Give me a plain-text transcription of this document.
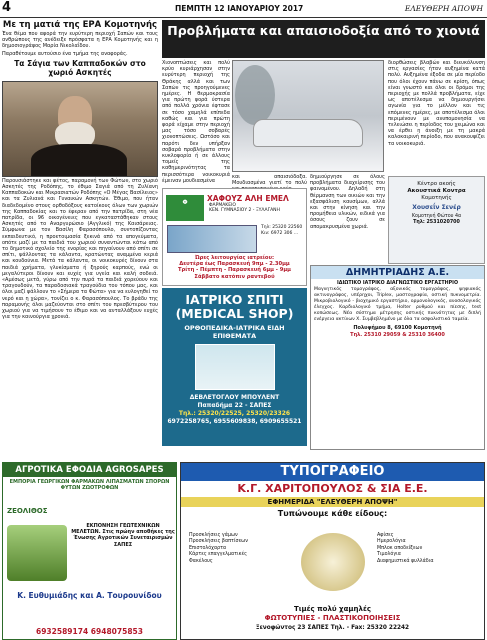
4	ΠΕΜΠΤΗ 12 ΙΑΝΟΥΑΡΙΟΥ 2017	ΕΛΕΥΘΕΡΗ ΑΠΟΨΗ
Με τη ματιά της ΕΡΑ Κομοτηνής

Ένα θέμα που αφορά την ευρύτερη περιοχή Σαπών και τους ανθρώπους της ανέδειξε πρόσφατα η ΕΡΑ Κομοτηνής και η δημοσιογράφος Μαρία Νικολαΐδου.

Παραθέτουμε αυτούσιο ένα τμήμα της αναφοράς.

Τα Σάγια των Καππαδοκών στο χωριό Ασκητές

Παρουσιάστηκε και φέτος, παραμονή των Φώτων, στο χωριό Ασκητές της Ροδόπης, το έθιμο Σαγιά από τη Ζυλίανη Καππαδοκών και Μικρασιατών Ροδόπης «Ο Μέγας Βασίλειος» και τα Ζυλιανά και Γυναικών Ασκητών. Έθιμο, που ήταν διαδεδομένο στους ορθοδόξους κατοίκους όλων των χωριών της Καππαδοκίας και το έφεραν από την πατρίδα, στη νέα πατρίδα, οι 96 οικογένειες που εγκαταστάθηκαν στους Ασκητές από το Αναργυρώσιο (Αγγλικό) της Καισάρειας. Σύμφωνα με τον Βασίλη Φαρασόπουλο, συντοπίζοντας εκπαιδευτικό, η προετοιμασία ξεκινά από τα απογεύματα, οπότε μαζί με τα παιδιά του χωριού συναντώνται κάτω από το δημοτικό σχολείο της ενορίας και πηγαίνουν από σπίτι σε σπίτι, ψάλλοντας τα κάλαντα, κρατώντας αναμμένα κεριά και κουδούνια. Μετά τα κάλαντα, οι νοικοκυρές δίνουν στα παιδιά χρήματα, γλυκίσματα ή ξηρούς καρπούς, ενώ οι μεγαλύτεροι δίνουν και ευχές για υγεία και καλή σοδειά. «Αμέσως μετά, γύρω από την πυρά τα παιδιά χορεύουν και τραγουδούν, τα παραδοσιακά τραγούδια του τόπου μας, και όλοι μαζί ψάλλουν το «Σήμερα τα Φώτα» για να ευλογηθεί το νερό και η χώρα», τονίζει ο κ. Φαρασόπουλος. Το βράδυ της παραμονής όλοι μαζεύονται στο σπίτι του πρεσβύτερου του χωριού για να τιμήσουν το έθιμο και να ανταλλάξουν ευχές για την καινούργια χρονιά.

Προβλήματα και απαισιοδοξία από το χιονιά

Χιονοπτώσεις και πολύ κρύο κυριάρχησαν στην ευρύτερη περιοχή της Θράκης αλλά και των Σαπών τις προηγούμενες ημέρες. Η θερμοκρασία για πρώτη φορά ύστερα από πολλά χρόνια έφτασε σε τόσο χαμηλά επίπεδα καθώς και για πρώτη φορά είχαμε στην περιοχή μας τόσο σοβαρές χιονοπτώσεις. Ωστόσο και παρότι δεν υπήρξαν σοβαρά προβλήματα στην κυκλοφορία ή σε άλλους τομείς της καθημερινότητας τα περισσότερα νοικοκυριά έμειναν μουδιασμένα

και απαισιόδοξα. Μουδιασμένα γιατί το πολύ

δημιούργησε σε όλους προβλήματα διαχείρισης του φαινομένου. Δηλαδή στη θέρμανση των οικιών και την εξασφάλιση καυσίμων, αλλά και στην κίνηση και την προμήθεια υλικών, ειδικά για όσους ζουν σε απομακρυσμένα χωριά.

διορθώσεις βλαβών και διευκόλυνση στις εργασίες ήταν αυξημένα κατά πολύ. Αυξημένα έξοδα σε μία περίοδο που όλοι έχουν πάνω σε κρίση, όπως είναι γνωστό και όλοι οι δρόμοι της περιοχής με πολλά προβλήματα, είχε ως αποτέλεσμα να δημιουργήσει αγωνία για το μέλλον και τις επόμενες ημέρες, με αποτέλεσμα όλοι περιμένουν με ανυπομονησία να τελειώσει η περίοδος του χειμώνα και να έρθει η άνοιξη με τη μακρά καλοκαιρινή περίοδο, που ανακουφίζει τα νοικοκυριά.

Φ	ΧΑΦΟΥΖ ΑΛΗ ΕΜΕΛ
ΦΑΡΜΑΚΕΙΟ
ΚΕΝ. ΓΥΜΝΑΣΙΟΥ 2 - ΞΥΛΑΓΑΝΗ
Τηλ: 25320 22560 Κιν: 6972 306 ...
Ώρες λειτουργίας ιατρείου:
Δευτέρα έως Παρασκευή 9πμ - 2.30μμ
Τρίτη - Πέμπτη - Παρασκευή 6μμ - 9μμ
Σάββατο κατόπιν ραντεβού
Κέντρο ακοής
Ακουστικά Κοντρα
Κομοτηνής
Χουσεΐν Σενέρ
Κομοτηνή Φώτου 4α
Τηλ: 2531020700
ΙΑΤΡΙΚΟ ΣΠΙΤΙ (MEDICAL SHOP)
ΟΡΘΟΠΕΔΙΚΑ-ΙΑΤΡΙΚΑ ΕΙΔΗ ΕΠΙΘΕΜΑΤΑ
ΔΕΒΛΕΤΟΓΛΟΥ ΜΠΟΥΛΕΝΤ
Παπαδήμα 22 - ΣΑΠΕΣ
Τηλ.: 25320/22525, 25320/23326
6972258765, 6955609838, 6909655521
ΔΗΜΗΤΡΙΑΔΗΣ Α.Ε.
ΙΔΙΩΤΙΚΟ ΙΑΤΡΙΚΟ ΔΙΑΓΝΩΣΤΙΚΟ ΕΡΓΑΣΤΗΡΙΟ

Μαγνητικός τομογράφος, αξονικός τομογράφος, ψηφιακός ακτινογράφος, υπέρηχοι, Triplex, μαστογραφία, οστική πυκνομετρία. Μικροβιολογικό - βιοχημικό εργαστήριο, ορμονολογικός, ανοσολογικός έλεγχος. Καρδιολογικό τμήμα, Holter ρυθμού και πίεσης, test κοπώσεως. Νέα σύστημα μέτρησης οστικής πυκνότητας με διπλή ενέργεια ακτίνων Χ. Συμβεβλημένο με όλα τα ασφαλιστικά ταμεία.

Πολυφήμου 8, 69100 Κομοτηνή
Τηλ. 25310 29059 & 25310 36400
ΑΓΡΟΤΙΚΑ ΕΦΟΔΙΑ AGROSAPES
ΕΜΠΟΡΙΑ ΓΕΩΡΓΙΚΩΝ ΦΑΡΜΑΚΩΝ ΛΙΠΑΣΜΑΤΩΝ ΣΠΟΡΩΝ ΦΥΤΩΝ ΖΩΟΤΡΟΦΩΝ
ΖΕΟΛΙΘΟΣ
ΕΚΠΟΝΗΣΗ ΓΕΩΤΕΧΝΙΚΩΝ ΜΕΛΕΤΩΝ. Στις πρώην αποθήκες της Ένωσης Αγροτικών Συνεταιρισμών ΣΑΠΕΣ
Κ. Ευθυμιάδης και Α. Τουρουνίδου
6932589174 6948075853
ΤΥΠΟΓΡΑΦΕΙΟ
Κ.Γ. ΧΑΡΙΤΟΠΟΥΛΟΣ & ΣΙΑ Ε.Ε.
ΕΦΗΜΕΡΙΔΑ "ΕΛΕΥΘΕΡΗ ΑΠΟΨΗ"
Τυπώνουμε κάθε είδους:
Προσκλήσεις γάμων
Προσκλήσεις βαπτίσεων
Επιστολόχαρτα
Κάρτες επαγγελματικές
Φακέλους
Αφίσες
Ημερολόγια
Μπλοκ αποδείξεων
Τιμολόγια
Διαφημιστικά φυλλάδια
Τιμές πολύ χαμηλές
ΦΩΤΟΤΥΠΙΕΣ - ΠΛΑΣΤΙΚΟΠΟΙΗΣΕΙΣ
Ξενοφώντος 23 ΣΑΠΕΣ Τηλ. - Fax: 25320 22242
